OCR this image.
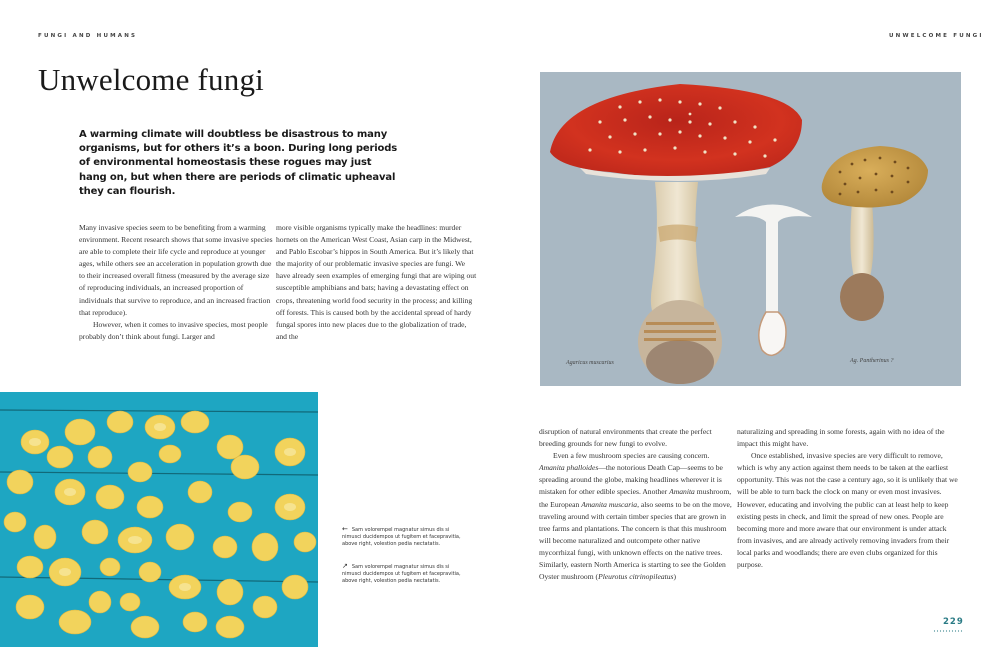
FUNGI AND HUMANS	UNWELCOME FUNGI
Unwelcome fungi

A warming climate will doubtless be disastrous to many organisms, but for others it’s a boon. During long periods of environmental homeostasis these rogues may just hang on, but when there are periods of climatic upheaval they can flourish.

Many invasive species seem to be benefiting from a warming environment. Recent research shows that some invasive species are able to complete their life cycle and reproduce at younger ages, while others see an acceleration in population growth due to their increased overall fitness (measured by the average size of reproducing individuals, an increased proportion of individuals that survive to reproduce, and an increased fraction that reproduce).

However, when it comes to invasive species, most people probably don’t think about fungi. Larger and

more visible organisms typically make the headlines: murder hornets on the American West Coast, Asian carp in the Midwest, and Pablo Escobar’s hippos in South America. But it’s likely that the majority of our problematic invasive species are fungi. We have already seen examples of emerging fungi that are wiping out susceptible amphibians and bats; having a devastating effect on crops, threatening world food security in the process; and killing off forests. This is caused both by the accidental spread of hardy fungal spores into new places due to the globalization of trade, and the

Agaricus muscarius	Ag. Pantherinus ?
← Sam volorempel magnatur simus dis si nimusci ducidempos ut fugitem et facepravitia, above right, volestion pedia nectatatis.
↗ Sam volorempel magnatur simus dis si nimusci ducidempos ut fugitem et facepravitia, above right, volestion pedia nectatatis.

disruption of natural environments that create the perfect breeding grounds for new fungi to evolve.

Even a few mushroom species are causing concern. Amanita phalloides—the notorious Death Cap—seems to be spreading around the globe, making headlines wherever it is mistaken for other edible species. Another Amanita mushroom, the European Amanita muscaria, also seems to be on the move, traveling around with certain timber species that are grown in tree farms and plantations. The concern is that this mushroom will become naturalized and outcompete other native mycorrhizal fungi, with unknown effects on the native trees. Similarly, eastern North America is starting to see the Golden Oyster mushroom (Pleurotus citrinopileatus)

naturalizing and spreading in some forests, again with no idea of the impact this might have.

Once established, invasive species are very difficult to remove, which is why any action against them needs to be taken at the earliest opportunity. This was not the case a century ago, so it is unlikely that we will be able to turn back the clock on many or even most invasives. However, educating and involving the public can at least help to keep existing pests in check, and limit the spread of new ones. People are becoming more and more aware that our environment is under attack from invasives, and are already actively removing invaders from their local parks and woodlands; there are even clubs organized for this purpose.

229
